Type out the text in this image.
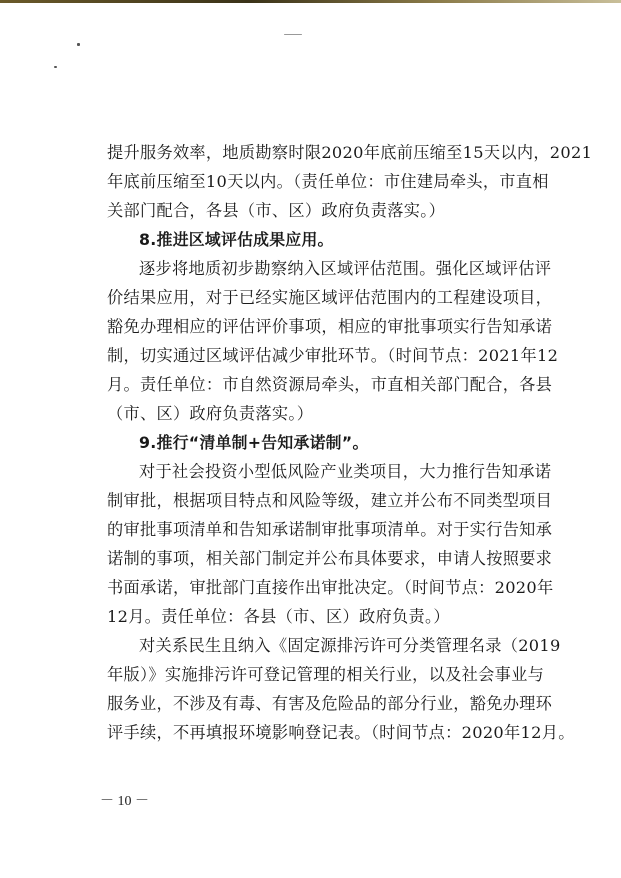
提升服务效率，地质勘察时限2020年底前压缩至15天以内，2021
年底前压缩至10天以内。（责任单位：市住建局牵头，市直相
关部门配合，各县（市、区）政府负责落实。）
8.推进区域评估成果应用。
逐步将地质初步勘察纳入区域评估范围。强化区域评估评
价结果应用，对于已经实施区域评估范围内的工程建设项目，
豁免办理相应的评估评价事项，相应的审批事项实行告知承诺
制，切实通过区域评估减少审批环节。（时间节点：2021年12
月。责任单位：市自然资源局牵头，市直相关部门配合，各县
（市、区）政府负责落实。）
9.推行“清单制+告知承诺制”。
对于社会投资小型低风险产业类项目，大力推行告知承诺
制审批，根据项目特点和风险等级，建立并公布不同类型项目
的审批事项清单和告知承诺制审批事项清单。对于实行告知承
诺制的事项，相关部门制定并公布具体要求，申请人按照要求
书面承诺，审批部门直接作出审批决定。（时间节点：2020年
12月。责任单位：各县（市、区）政府负责。）
对关系民生且纳入《固定源排污许可分类管理名录（2019
年版）》实施排污许可登记管理的相关行业，以及社会事业与
服务业，不涉及有毒、有害及危险品的部分行业，豁免办理环
评手续，不再填报环境影响登记表。（时间节点：2020年12月。
－ 10 －
